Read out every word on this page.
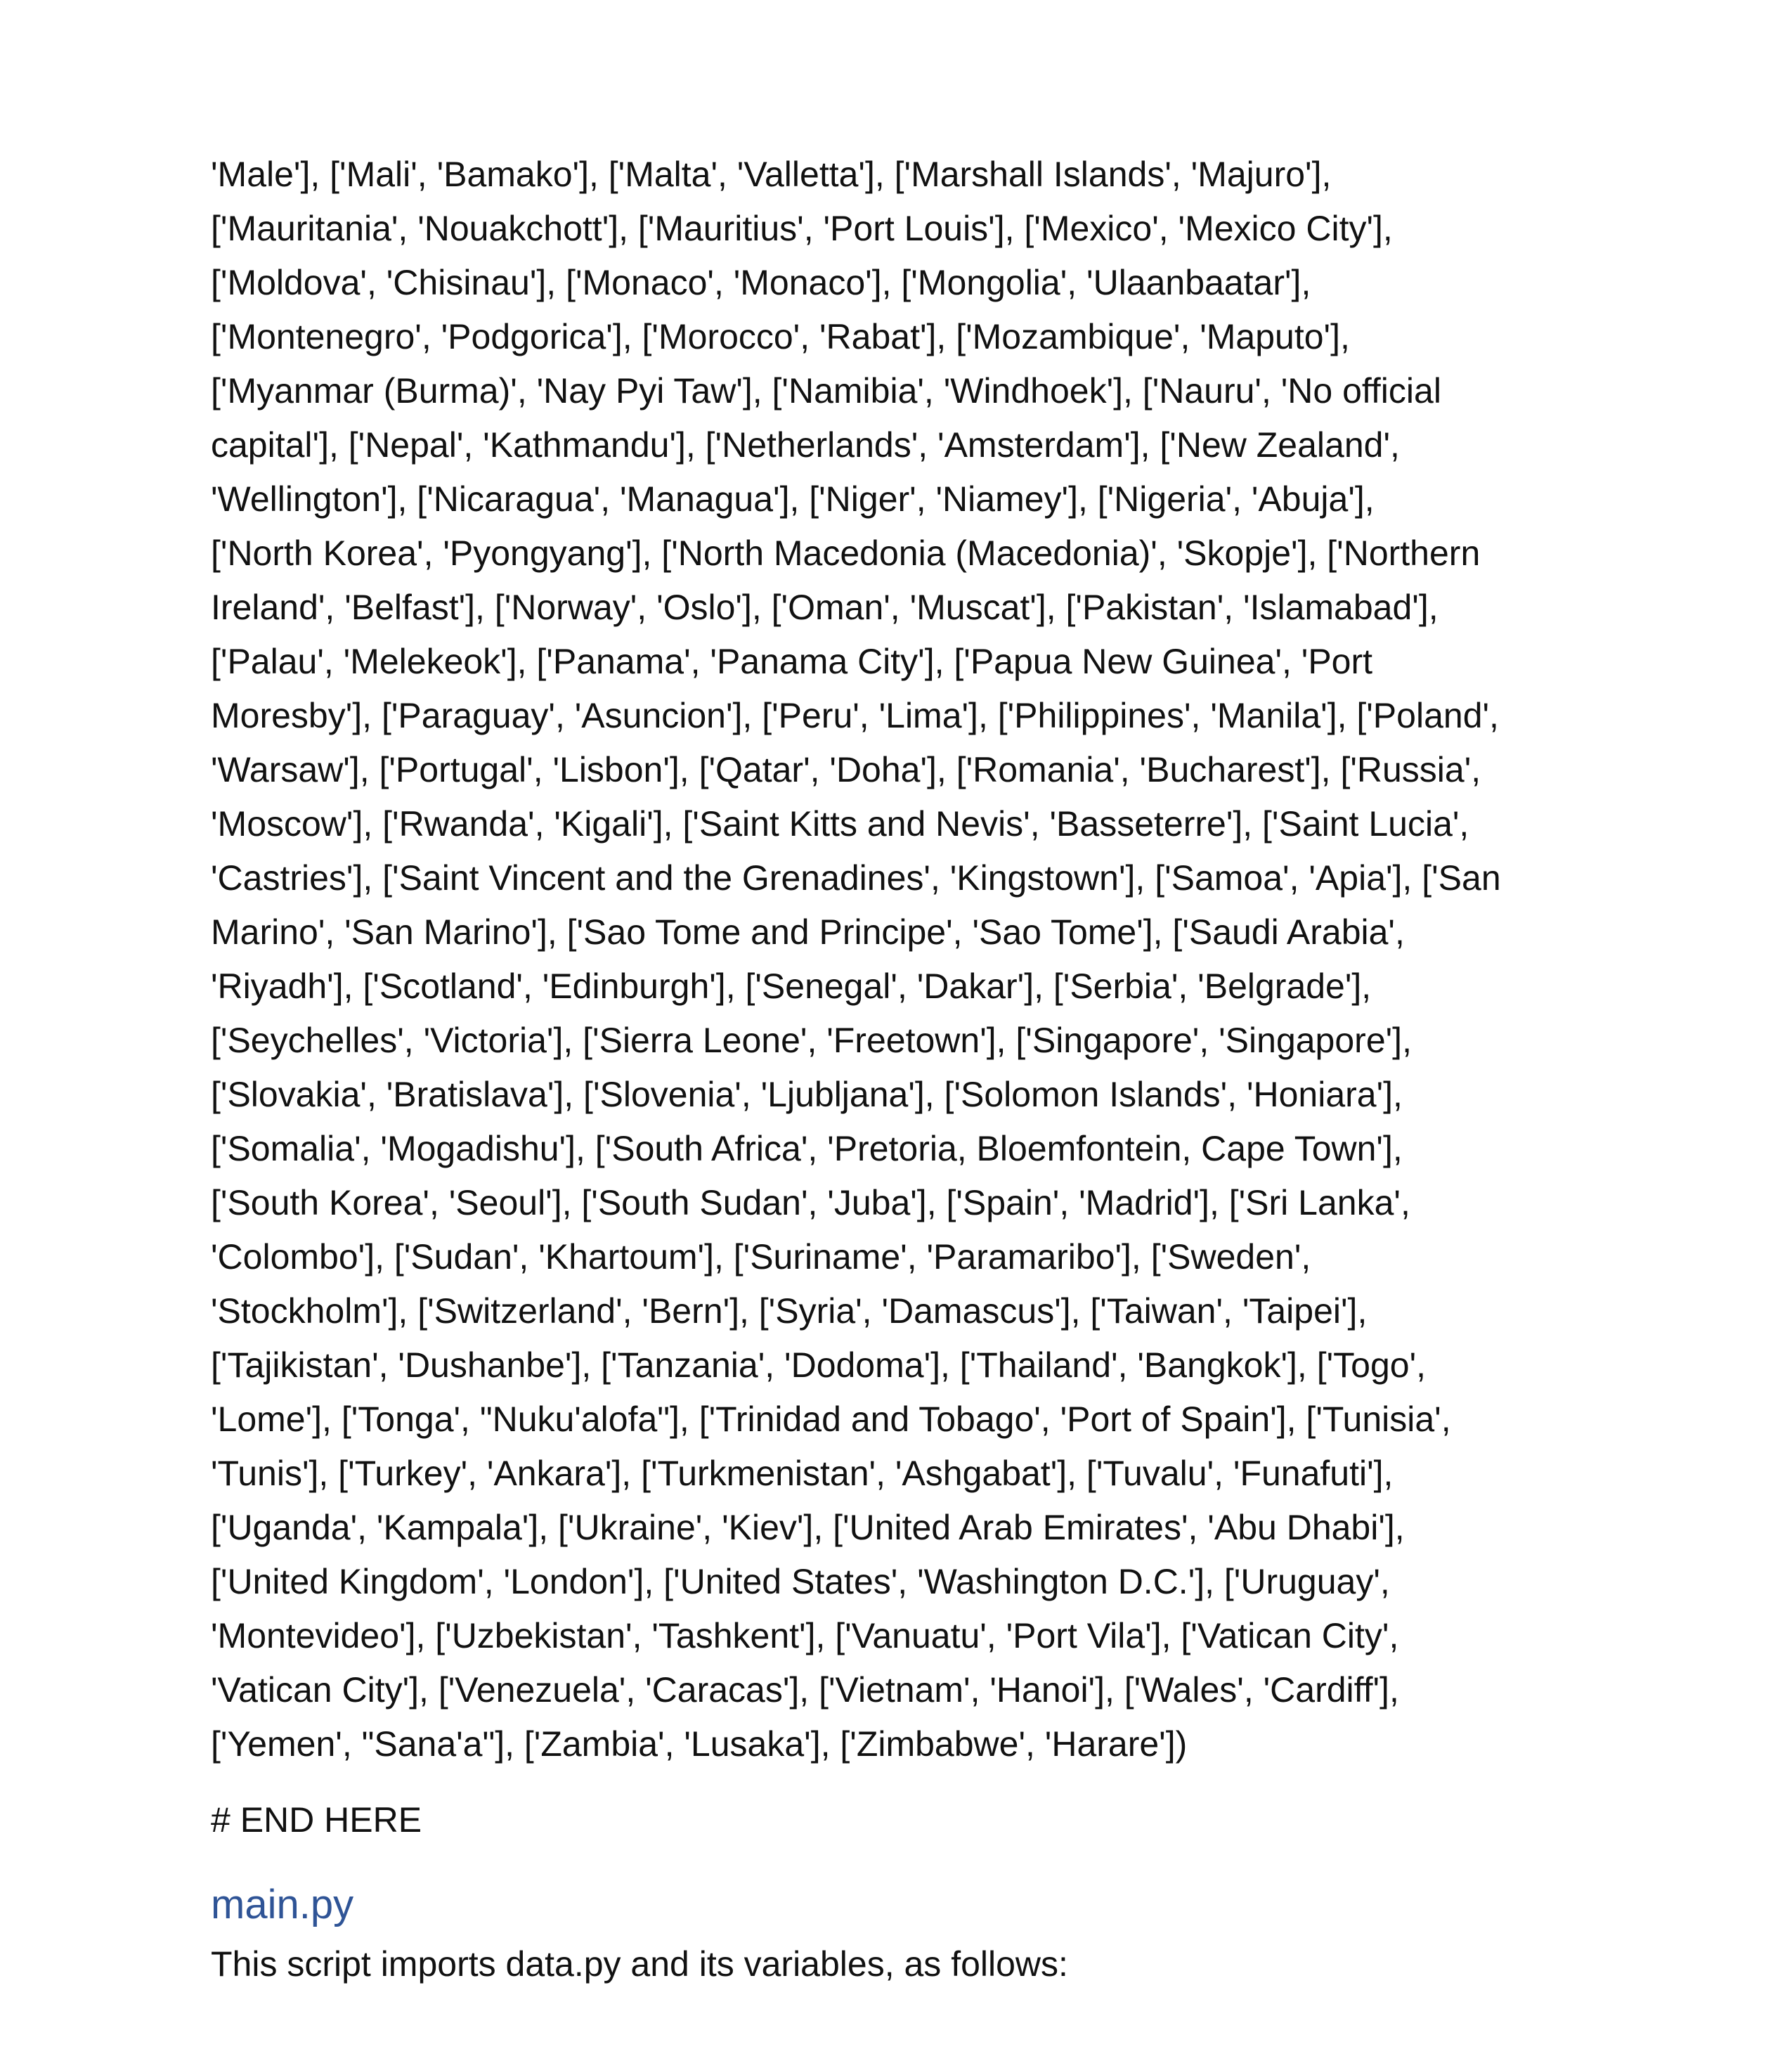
'Male'], ['Mali', 'Bamako'], ['Malta', 'Valletta'], ['Marshall Islands', 'Majuro'],
['Mauritania', 'Nouakchott'], ['Mauritius', 'Port Louis'], ['Mexico', 'Mexico City'],
['Moldova', 'Chisinau'], ['Monaco', 'Monaco'], ['Mongolia', 'Ulaanbaatar'],
['Montenegro', 'Podgorica'], ['Morocco', 'Rabat'], ['Mozambique', 'Maputo'],
['Myanmar (Burma)', 'Nay Pyi Taw'], ['Namibia', 'Windhoek'], ['Nauru', 'No official
capital'], ['Nepal', 'Kathmandu'], ['Netherlands', 'Amsterdam'], ['New Zealand',
'Wellington'], ['Nicaragua', 'Managua'], ['Niger', 'Niamey'], ['Nigeria', 'Abuja'],
['North Korea', 'Pyongyang'], ['North Macedonia (Macedonia)', 'Skopje'], ['Northern
Ireland', 'Belfast'], ['Norway', 'Oslo'], ['Oman', 'Muscat'], ['Pakistan', 'Islamabad'],
['Palau', 'Melekeok'], ['Panama', 'Panama City'], ['Papua New Guinea', 'Port
Moresby'], ['Paraguay', 'Asuncion'], ['Peru', 'Lima'], ['Philippines', 'Manila'], ['Poland',
'Warsaw'], ['Portugal', 'Lisbon'], ['Qatar', 'Doha'], ['Romania', 'Bucharest'], ['Russia',
'Moscow'], ['Rwanda', 'Kigali'], ['Saint Kitts and Nevis', 'Basseterre'], ['Saint Lucia',
'Castries'], ['Saint Vincent and the Grenadines', 'Kingstown'], ['Samoa', 'Apia'], ['San
Marino', 'San Marino'], ['Sao Tome and Principe', 'Sao Tome'], ['Saudi Arabia',
'Riyadh'], ['Scotland', 'Edinburgh'], ['Senegal', 'Dakar'], ['Serbia', 'Belgrade'],
['Seychelles', 'Victoria'], ['Sierra Leone', 'Freetown'], ['Singapore', 'Singapore'],
['Slovakia', 'Bratislava'], ['Slovenia', 'Ljubljana'], ['Solomon Islands', 'Honiara'],
['Somalia', 'Mogadishu'], ['South Africa', 'Pretoria, Bloemfontein, Cape Town'],
['South Korea', 'Seoul'], ['South Sudan', 'Juba'], ['Spain', 'Madrid'], ['Sri Lanka',
'Colombo'], ['Sudan', 'Khartoum'], ['Suriname', 'Paramaribo'], ['Sweden',
'Stockholm'], ['Switzerland', 'Bern'], ['Syria', 'Damascus'], ['Taiwan', 'Taipei'],
['Tajikistan', 'Dushanbe'], ['Tanzania', 'Dodoma'], ['Thailand', 'Bangkok'], ['Togo',
'Lome'], ['Tonga', "Nuku'alofa"], ['Trinidad and Tobago', 'Port of Spain'], ['Tunisia',
'Tunis'], ['Turkey', 'Ankara'], ['Turkmenistan', 'Ashgabat'], ['Tuvalu', 'Funafuti'],
['Uganda', 'Kampala'], ['Ukraine', 'Kiev'], ['United Arab Emirates', 'Abu Dhabi'],
['United Kingdom', 'London'], ['United States', 'Washington D.C.'], ['Uruguay',
'Montevideo'], ['Uzbekistan', 'Tashkent'], ['Vanuatu', 'Port Vila'], ['Vatican City',
'Vatican City'], ['Venezuela', 'Caracas'], ['Vietnam', 'Hanoi'], ['Wales', 'Cardiff'],
['Yemen', "Sana'a"], ['Zambia', 'Lusaka'], ['Zimbabwe', 'Harare'])
# END HERE
main.py

This script imports data.py and its variables, as follows:
